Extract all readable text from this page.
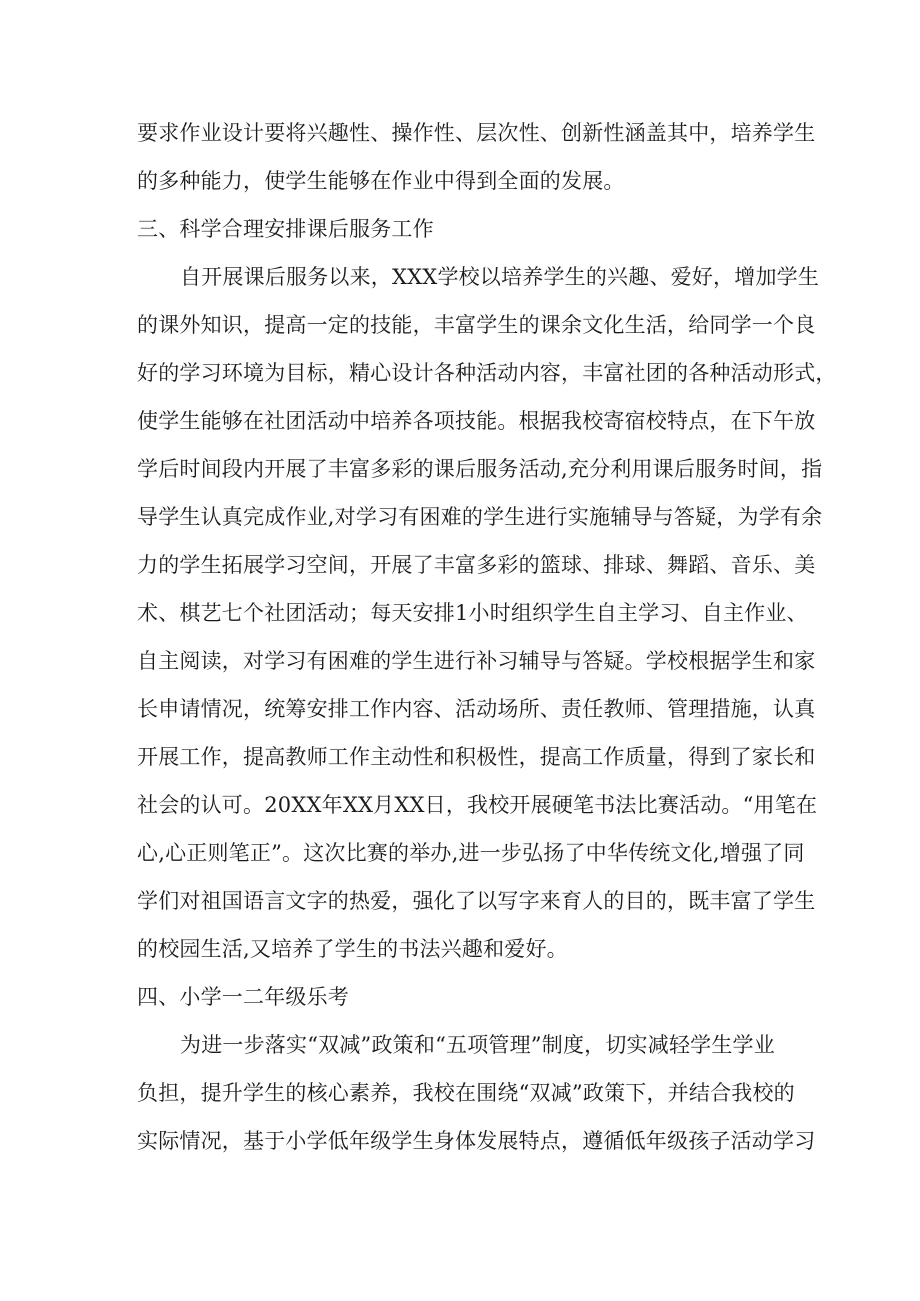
要求作业设计要将兴趣性、操作性、层次性、创新性涵盖其中，培养学生
的多种能力，使学生能够在作业中得到全面的发展。
三、科学合理安排课后服务工作
自开展课后服务以来，XXX学校以培养学生的兴趣、爱好，增加学生
的课外知识，提高一定的技能，丰富学生的课余文化生活，给同学一个良
好的学习环境为目标，精心设计各种活动内容，丰富社团的各种活动形式，
使学生能够在社团活动中培养各项技能。根据我校寄宿校特点，在下午放
学后时间段内开展了丰富多彩的课后服务活动,充分利用课后服务时间，指
导学生认真完成作业,对学习有困难的学生进行实施辅导与答疑，为学有余
力的学生拓展学习空间，开展了丰富多彩的篮球、排球、舞蹈、音乐、美
术、棋艺七个社团活动；每天安排1小时组织学生自主学习、自主作业、
自主阅读，对学习有困难的学生进行补习辅导与答疑。学校根据学生和家
长申请情况，统筹安排工作内容、活动场所、责任教师、管理措施，认真
开展工作，提高教师工作主动性和积极性，提高工作质量，得到了家长和
社会的认可。20XX年XX月XX日，我校开展硬笔书法比赛活动。“用笔在
心,心正则笔正”。这次比赛的举办,进一步弘扬了中华传统文化,增强了同
学们对祖国语言文字的热爱，强化了以写字来育人的目的，既丰富了学生
的校园生活,又培养了学生的书法兴趣和爱好。
四、小学一二年级乐考
为进一步落实“双减”政策和“五项管理”制度，切实减轻学生学业
负担，提升学生的核心素养，我校在围绕“双减”政策下，并结合我校的
实际情况，基于小学低年级学生身体发展特点，遵循低年级孩子活动学习
